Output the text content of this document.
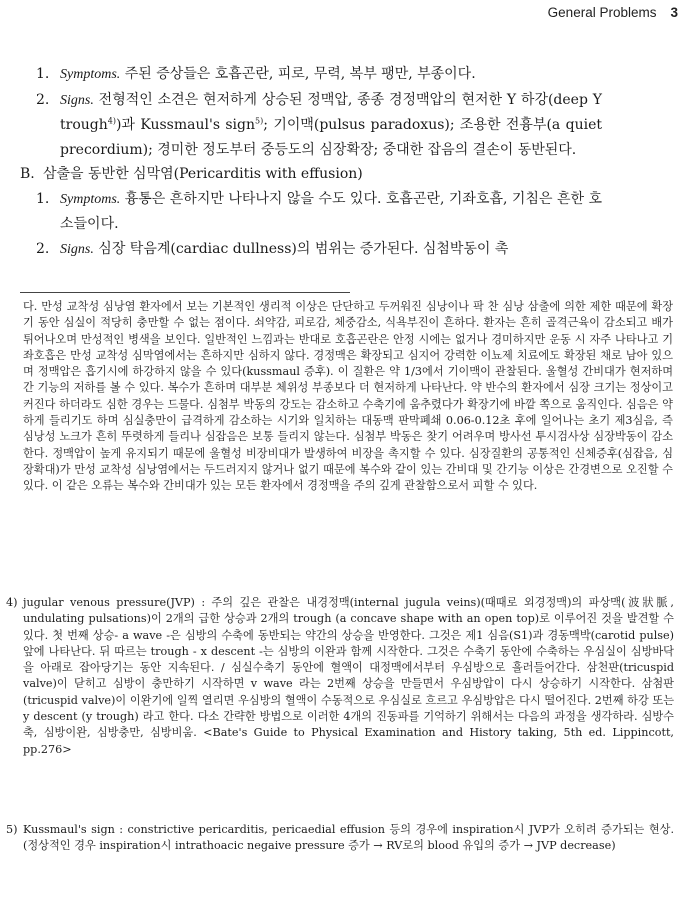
General Problems 3
1. Symptoms. 주된 증상들은 호흡곤란, 피로, 무력, 복부 팽만, 부종이다.
2. Signs. 전형적인 소견은 현저하게 상승된 정맥압, 종종 경정맥압의 현저한 Y 하강(deep Y trough$^{4)}$)과 Kussmaul's sign$^{5)}$; 기이맥(pulsus paradoxus); 조용한 전흉부(a quiet precordium); 경미한 정도부터 중등도의 심장확장; 중대한 잡음의 결손이 동반된다.
B. 삼출을 동반한 심막염(Pericarditis with effusion)
1. Symptoms. 흉통은 흔하지만 나타나지 않을 수도 있다. 호흡곤란, 기좌호흡, 기침은 흔한 호소들이다.
2. Signs. 심장 탁음계(cardiac dullness)의 범위는 증가된다. 심첨박동이 촉
다. 만성 교착성 심낭염 환자에서 보는 기본적인 생리적 이상은 단단하고 두꺼워진 심낭이나 팍 찬 심낭 삼출에 의한 제한 때문에 확장기 동안 심실이 적당히 충만할 수 없는 점이다. 쇠약감, 피로감, 체중감소, 식욕부진이 흔하다. 환자는 흔히 골격근육이 감소되고 배가 튀어나오며 만성적인 병색을 보인다. 일반적인 느낌과는 반대로 호흡곤란은 안정 시에는 없거나 경미하지만 운동 시 자주 나타나고 기좌호흡은 만성 교착성 심막염에서는 흔하지만 심하지 않다. 경정맥은 확장되고 심지어 강력한 이뇨제 치료에도 확장된 채로 남아 있으며 정맥압은 흡기시에 하강하지 않을 수 있다(kussmaul 증후). 이 질환은 약 1/3에서 기이맥이 관찰된다. 울혈성 간비대가 현저하며 간 기능의 저하를 볼 수 있다. 복수가 흔하며 대부분 체위성 부종보다 더 현저하게 나타난다. 약 반수의 환자에서 심장 크기는 정상이고 커진다 하더라도 심한 경우는 드물다. 심첨부 박동의 강도는 감소하고 수축기에 움추렸다가 확장기에 바깥 쪽으로 움직인다. 심음은 약하게 들리기도 하며 심실충만이 급격하게 감소하는 시기와 일치하는 대동맥 판막폐쇄 0.06-0.12초 후에 일어나는 초기 제3심음, 즉 심낭성 노크가 흔히 뚜렷하게 들리나 심잡음은 보통 들리지 않는다. 심첨부 박동은 찾기 어려우며 방사선 투시검사상 심장박동이 감소한다. 정맥압이 높게 유지되기 때문에 울혈성 비장비대가 발생하여 비장을 촉지할 수 있다. 심장질환의 공통적인 신체증후(심잡음, 심장확대)가 만성 교착성 심낭염에서는 두드러지지 않거나 없기 때문에 복수와 같이 있는 간비대 및 간기능 이상은 간경변으로 오진할 수 있다. 이 같은 오류는 복수와 간비대가 있는 모든 환자에서 경정맥을 주의 깊게 관찰함으로서 피할 수 있다.
4) jugular venous pressure(JVP) : 주의 깊은 관찰은 내경정맥(internal jugula veins)(때때로 외경정맥)의 파상맥(波狀脈, undulating pulsations)이 2개의 급한 상승과 2개의 trough (a concave shape with an open top)로 이루어진 것을 발견할 수 있다. 첫 번째 상승- a wave -은 심방의 수축에 동반되는 약간의 상승을 반영한다. 그것은 제1 심음(S1)과 경동맥박(carotid pulse) 앞에 나타난다. 뒤 따르는 trough - x descent -는 심방의 이완과 함께 시작한다. 그것은 수축기 동안에 수축하는 우심실이 심방바닥을 아래로 잡아당기는 동안 지속된다. / 심실수축기 동안에 혈액이 대정맥에서부터 우심방으로 흘러들어간다. 삼천판(tricuspid valve)이 닫히고 심방이 충만하기 시작하면 v wave 라는 2번째 상승을 만들면서 우심방압이 다시 상승하기 시작한다. 삼첨판(tricuspid valve)이 이완기에 일찍 열리면 우심방의 혈액이 수동적으로 우심실로 흐르고 우심방압은 다시 떨어진다. 2번째 하강 또는 y descent (y trough) 라고 한다. 다소 간략한 방법으로 이러한 4개의 진동파를 기억하기 위해서는 다음의 과정을 생각하라. 심방수축, 심방이완, 심방충만, 심방비움. <Bate's Guide to Physical Examination and History taking, 5th ed. Lippincott, pp.276>
5) Kussmaul's sign : constrictive pericarditis, pericaedial effusion 등의 경우에 inspiration시 JVP가 오히려 증가되는 현상. (정상적인 경우 inspiration시 intrathoacic negaive pressure 증가 → RV로의 blood 유입의 증가 → JVP decrease)
